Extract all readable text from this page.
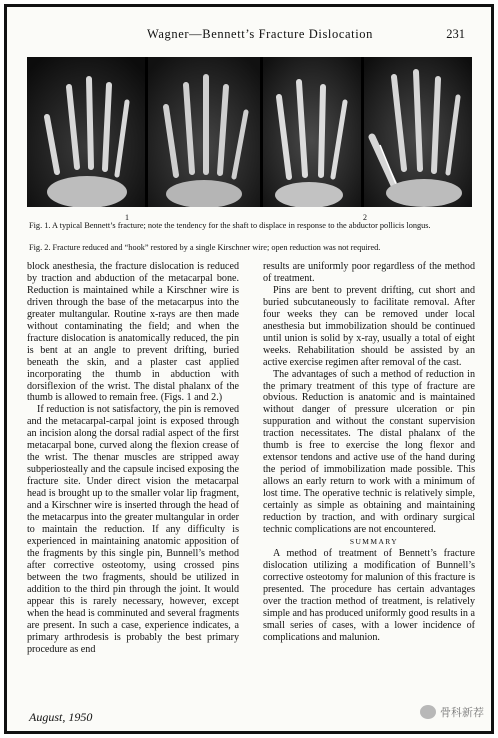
Wagner—Bennett’s Fracture Dislocation	231
1	2
Fig. 1. A typical Bennett’s fracture; note the tendency for the shaft to displace in response to the abductor pollicis longus.
Fig. 2. Fracture reduced and “hook” restored by a single Kirschner wire; open reduction was not required.

block anesthesia, the fracture dislocation is reduced by traction and abduction of the metacarpal bone. Reduction is maintained while a Kirschner wire is driven through the base of the metacarpus into the greater multangular. Routine x-rays are then made without contaminating the field; and when the fracture dislocation is anatomically reduced, the pin is bent at an angle to prevent drifting, buried beneath the skin, and a plaster cast applied incorporating the thumb in abduction with dorsiflexion of the wrist. The distal phalanx of the thumb is allowed to remain free. (Figs. 1 and 2.)

If reduction is not satisfactory, the pin is removed and the metacarpal-carpal joint is exposed through an incision along the dorsal radial aspect of the first metacarpal bone, curved along the flexion crease of the wrist. The thenar muscles are stripped away subperiosteally and the capsule incised exposing the fracture site. Under direct vision the metacarpal head is brought up to the smaller volar lip fragment, and a Kirschner wire is inserted through the head of the metacarpus into the greater multangular in order to maintain the reduction. If any difficulty is experienced in maintaining anatomic apposition of the fragments by this single pin, Bunnell’s method after corrective osteotomy, using crossed pins between the two fragments, should be utilized in addition to the third pin through the joint. It would appear this is rarely necessary, however, except when the head is comminuted and several fragments are present. In such a case, experience indicates, a primary arthrodesis is probably the best primary procedure as end

results are uniformly poor regardless of the method of treatment.

Pins are bent to prevent drifting, cut short and buried subcutaneously to facilitate removal. After four weeks they can be removed under local anesthesia but immobilization should be continued until union is solid by x-ray, usually a total of eight weeks. Rehabilitation should be assisted by an active exercise regimen after removal of the cast.

The advantages of such a method of reduction in the primary treatment of this type of fracture are obvious. Reduction is anatomic and is maintained without danger of pressure ulceration or pin suppuration and without the constant supervision traction necessitates. The distal phalanx of the thumb is free to exercise the long flexor and extensor tendons and active use of the hand during the period of immobilization made possible. This allows an early return to work with a minimum of lost time. The operative technic is relatively simple, certainly as simple as obtaining and maintaining reduction by traction, and with ordinary surgical technic complications are not encountered.

SUMMARY

A method of treatment of Bennett’s fracture dislocation utilizing a modification of Bunnell’s corrective osteotomy for malunion of this fracture is presented. The procedure has certain advantages over the traction method of treatment, is relatively simple and has produced uniformly good results in a small series of cases, with a lower incidence of complications and malunion.

August, 1950	骨科新荐
